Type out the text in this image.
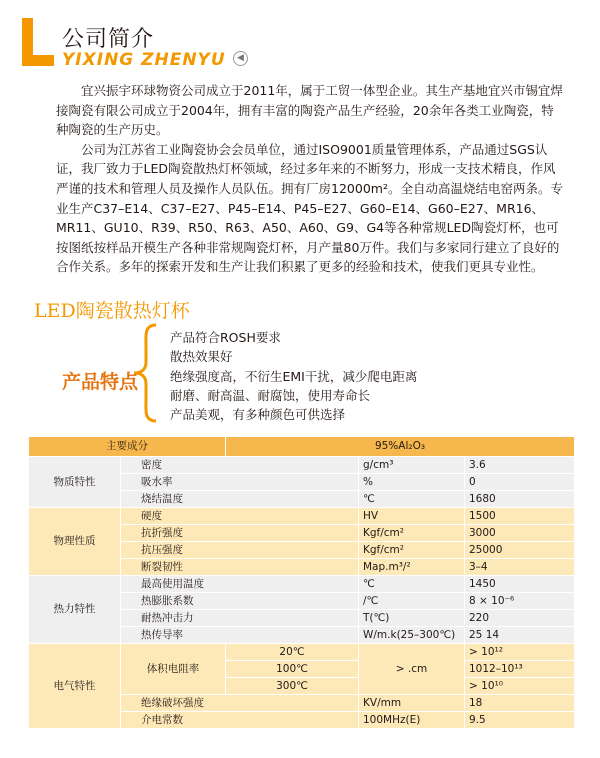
公司简介
YIXING ZHENYU	◀

宜兴振宇环球物资公司成立于2011年，属于工贸一体型企业。其生产基地宜兴市锡宜焊接陶瓷有限公司成立于2004年，拥有丰富的陶瓷产品生产经验，20余年各类工业陶瓷，特种陶瓷的生产历史。

公司为江苏省工业陶瓷协会会员单位，通过ISO9001质量管理体系，产品通过SGS认证，我厂致力于LED陶瓷散热灯杯领域，经过多年来的不断努力，形成一支技术精良，作风严谨的技术和管理人员及操作人员队伍。拥有厂房12000m²。全自动高温烧结电窑两条。专业生产C37–E14、C37–E27、P45–E14、P45–E27、G60–E14、G60–E27、MR16、MR11、GU10、R39、R50、R63、A50、A60、G9、G4等各种常规LED陶瓷灯杯，也可按图纸按样品开模生产各种非常规陶瓷灯杯，月产量80万件。我们与多家同行建立了良好的合作关系。多年的探索开发和生产让我们积累了更多的经验和技术，使我们更具专业性。

LED陶瓷散热灯杯
产品特点
产品符合ROSH要求
散热效果好
绝缘强度高，不衍生EMI干扰，减少爬电距离
耐磨、耐高温、耐腐蚀，使用寿命长
产品美观，有多种颜色可供选择
主要成分		95%Al₂O₃		
物质特性	密度		g/cm³	3.6
	吸水率		%	0
	烧结温度		℃	1680
物理性质	硬度		HV	1500
	抗折强度		Kgf/cm²	3000
	抗压强度		Kgf/cm²	25000
	断裂韧性		Map.m³/²	3–4
热力特性	最高使用温度		℃	1450
	热膨胀系数		/℃	8 × 10⁻⁶
	耐热冲击力		T(℃)	220
	热传导率		W/m.k(25–300℃)	25 14
电气特性	体积电阻率	20℃	> .cm	> 10¹²
		100℃		1012–10¹³
		300℃		> 10¹⁰
	绝缘破坏强度		KV/mm	18
	介电常数		100MHz(E)	9.5
